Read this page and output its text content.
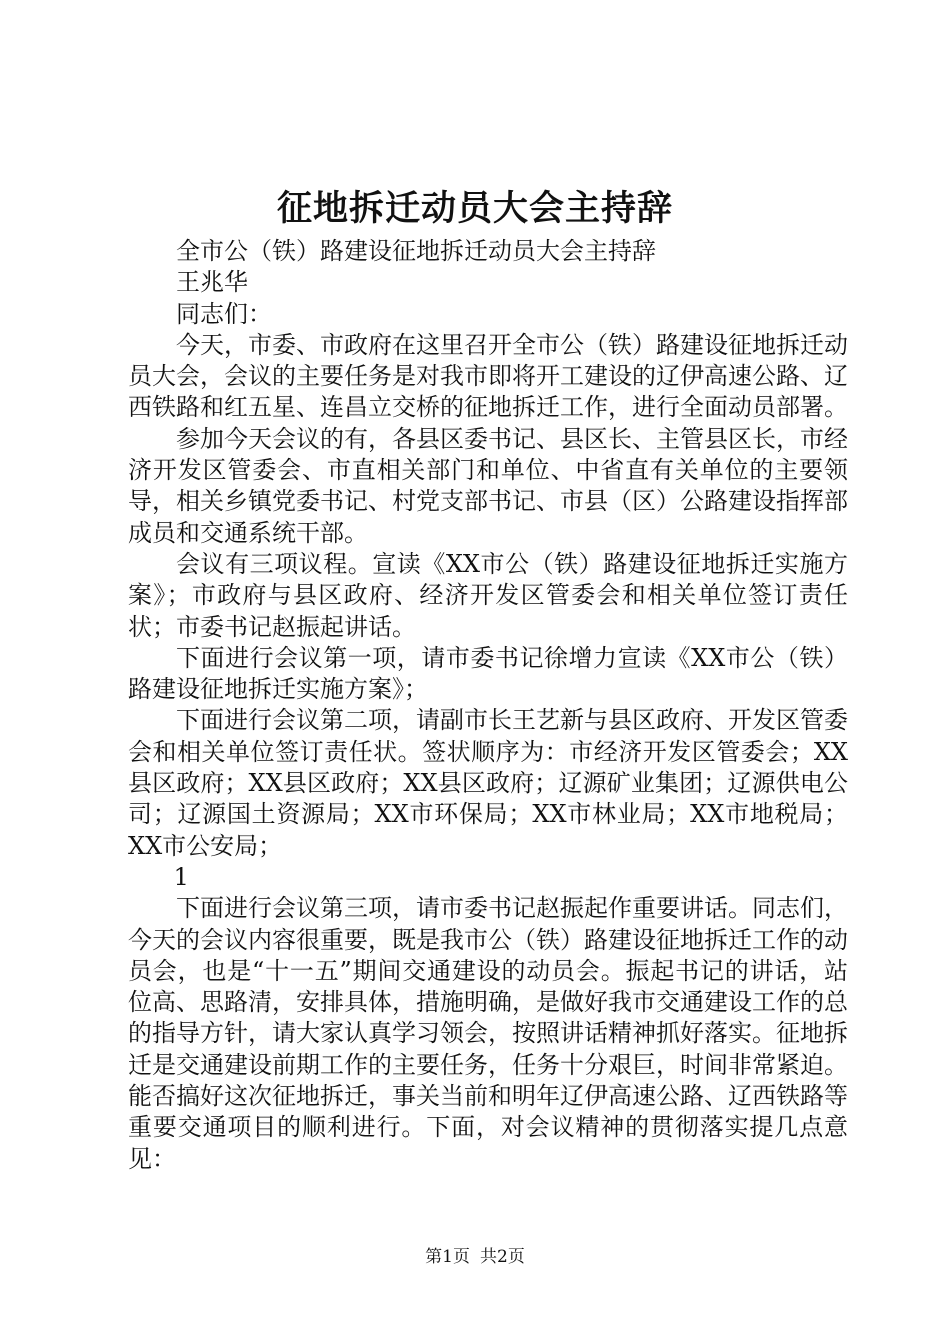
征地拆迁动员大会主持辞

全市公（铁）路建设征地拆迁动员大会主持辞

王兆华

同志们：

今天，市委、市政府在这里召开全市公（铁）路建设征地拆迁动员大会，会议的主要任务是对我市即将开工建设的辽伊高速公路、辽西铁路和红五星、连昌立交桥的征地拆迁工作，进行全面动员部署。

参加今天会议的有，各县区委书记、县区长、主管县区长，市经济开发区管委会、市直相关部门和单位、中省直有关单位的主要领导，相关乡镇党委书记、村党支部书记、市县（区）公路建设指挥部成员和交通系统干部。

会议有三项议程。宣读《XX市公（铁）路建设征地拆迁实施方案》；市政府与县区政府、经济开发区管委会和相关单位签订责任状；市委书记赵振起讲话。

下面进行会议第一项，请市委书记徐增力宣读《XX市公（铁）路建设征地拆迁实施方案》；

下面进行会议第二项，请副市长王艺新与县区政府、开发区管委会和相关单位签订责任状。签状顺序为：市经济开发区管委会；XX县区政府；XX县区政府；XX县区政府；辽源矿业集团；辽源供电公司；辽源国土资源局；XX市环保局；XX市林业局；XX市地税局；XX市公安局；

1

下面进行会议第三项，请市委书记赵振起作重要讲话。同志们，今天的会议内容很重要，既是我市公（铁）路建设征地拆迁工作的动员会，也是“十一五”期间交通建设的动员会。振起书记的讲话，站位高、思路清，安排具体，措施明确，是做好我市交通建设工作的总的指导方针，请大家认真学习领会，按照讲话精神抓好落实。征地拆迁是交通建设前期工作的主要任务，任务十分艰巨，时间非常紧迫。能否搞好这次征地拆迁，事关当前和明年辽伊高速公路、辽西铁路等重要交通项目的顺利进行。下面，对会议精神的贯彻落实提几点意见：

第1页 共2页
